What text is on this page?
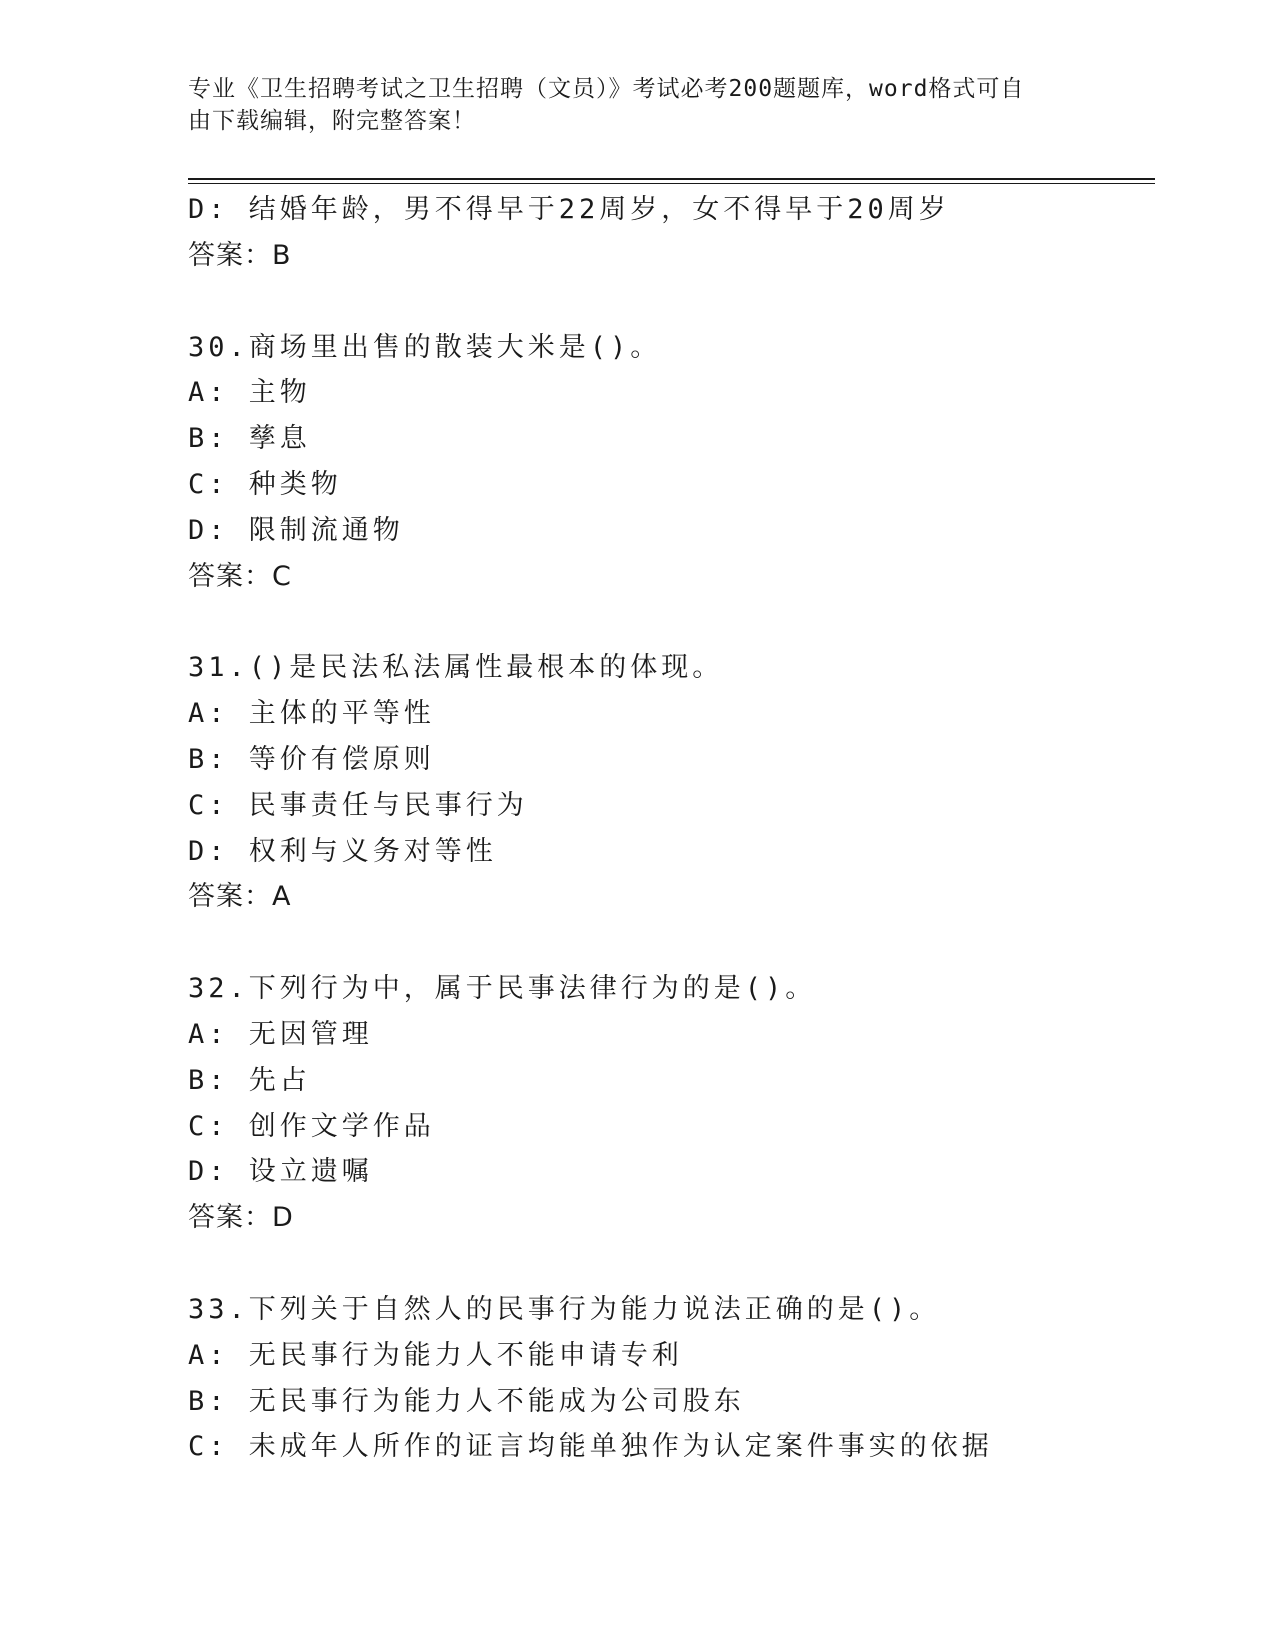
专业《卫生招聘考试之卫生招聘（文员）》考试必考200题题库，word格式可自
由下载编辑，附完整答案！
D: 结婚年龄，男不得早于22周岁，女不得早于20周岁
答案：B
30.商场里出售的散装大米是()。
A: 主物
B: 孳息
C: 种类物
D: 限制流通物
答案：C
31.()是民法私法属性最根本的体现。
A: 主体的平等性
B: 等价有偿原则
C: 民事责任与民事行为
D: 权利与义务对等性
答案：A
32.下列行为中，属于民事法律行为的是()。
A: 无因管理
B: 先占
C: 创作文学作品
D: 设立遗嘱
答案：D
33.下列关于自然人的民事行为能力说法正确的是()。
A: 无民事行为能力人不能申请专利
B: 无民事行为能力人不能成为公司股东
C: 未成年人所作的证言均能单独作为认定案件事实的依据
